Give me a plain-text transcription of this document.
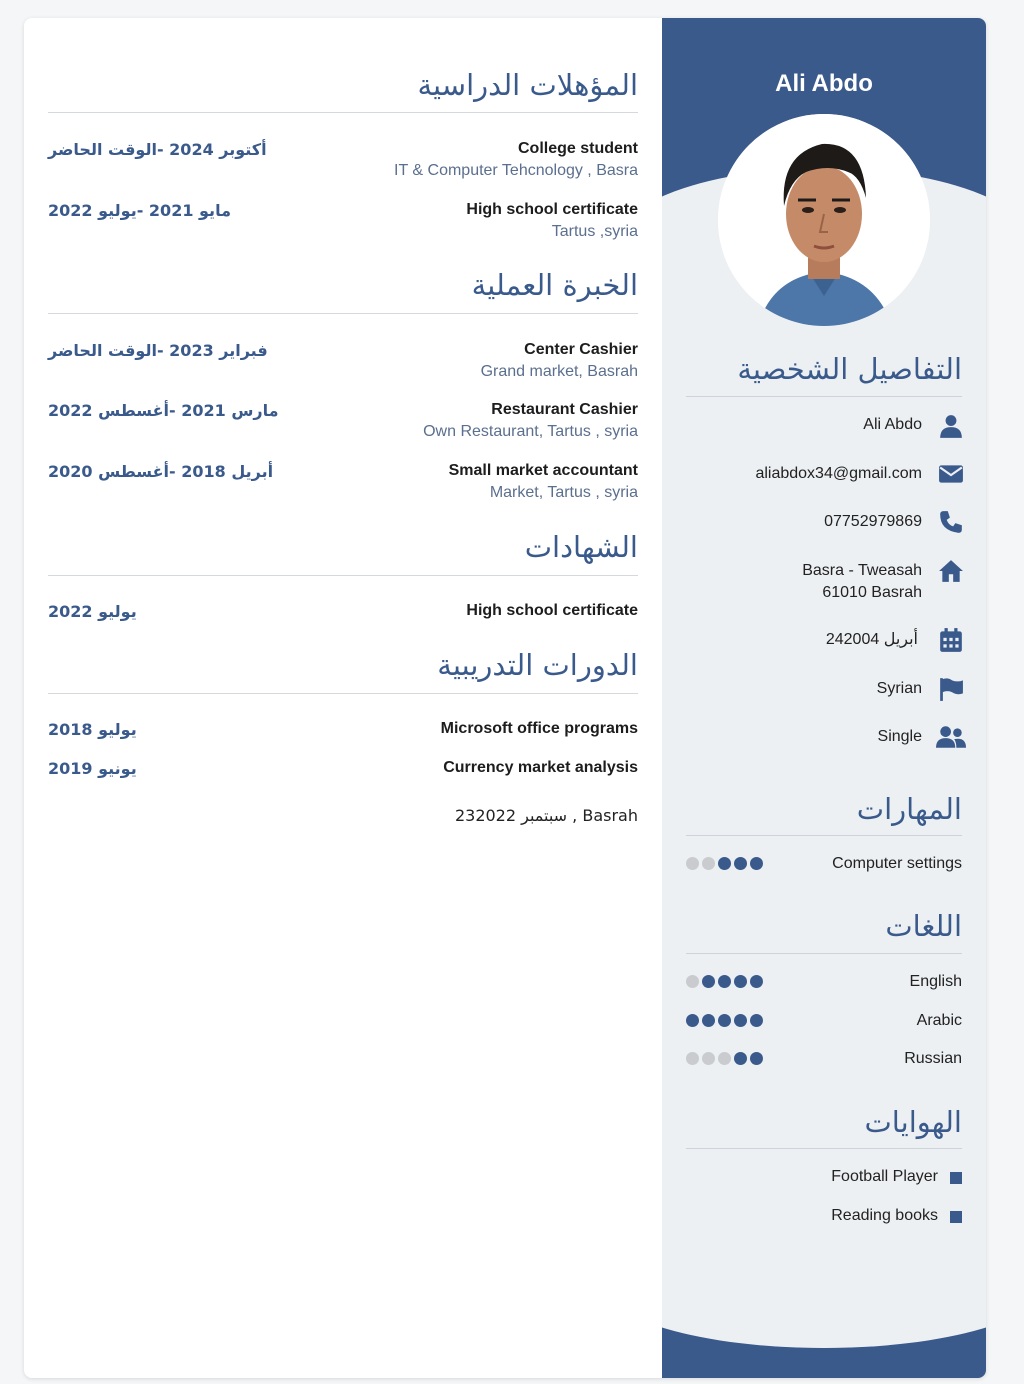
المؤهلات الدراسية
College student
IT & Computer Tehcnology , Basra
أكتوبر 2024 -الوقت الحاضر
High school certificate
Tartus ,syria
مايو 2021 -يوليو 2022
الخبرة العملية
Center Cashier
Grand market, Basrah
فبراير 2023 -الوقت الحاضر
Restaurant Cashier
Own Restaurant, Tartus , syria
مارس 2021 -أغسطس 2022
Small market accountant
Market, Tartus , syria
أبريل 2018 -أغسطس 2020
الشهادات
High school certificate
يوليو 2022
الدورات التدريبية
Microsoft office programs
يوليو 2018
Currency market analysis
يونيو 2019
23سبتمبر 2022 , Basrah
Ali Abdo
التفاصيل الشخصية
Ali Abdo
aliabdox34@gmail.com
07752979869
Basra - Tweasah
61010 Basrah
24أبريل 2004
Syrian
Single
المهارات
Computer settings
اللغات
English
Arabic
Russian
الهوايات
Football Player
Reading books
